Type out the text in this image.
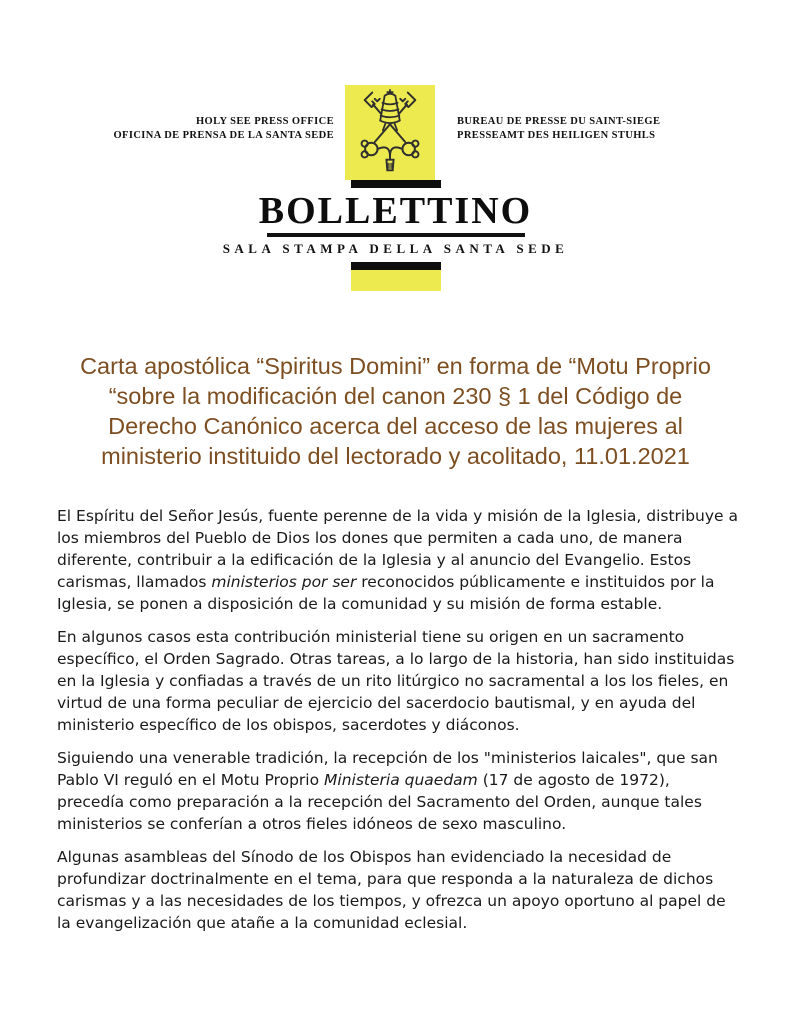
HOLY SEE PRESS OFFICE
OFICINA DE PRENSA DE LA SANTA SEDE
BUREAU DE PRESSE DU SAINT-SIEGE
PRESSEAMT DES HEILIGEN STUHLS
BOLLETTINO
SALA STAMPA DELLA SANTA SEDE
Carta apostólica “Spiritus Domini” en forma de “Motu Proprio
“sobre la modificación del canon 230 § 1 del Código de
Derecho Canónico acerca del acceso de las mujeres al
ministerio instituido del lectorado y acolitado, 11.01.2021

El Espíritu del Señor Jesús, fuente perenne de la vida y misión de la Iglesia, distribuye a los miembros del Pueblo de Dios los dones que permiten a cada uno, de manera diferente, contribuir a la edificación de la Iglesia y al anuncio del Evangelio. Estos carismas, llamados ministerios por ser reconocidos públicamente e instituidos por la Iglesia, se ponen a disposición de la comunidad y su misión de forma estable.

En algunos casos esta contribución ministerial tiene su origen en un sacramento específico, el Orden Sagrado. Otras tareas, a lo largo de la historia, han sido instituidas en la Iglesia y confiadas a través de un rito litúrgico no sacramental a los los fieles, en virtud de una forma peculiar de ejercicio del sacerdocio bautismal, y en ayuda del ministerio específico de los obispos, sacerdotes y diáconos.

Siguiendo una venerable tradición, la recepción de los "ministerios laicales", que san Pablo VI reguló en el Motu Proprio Ministeria quaedam (17 de agosto de 1972), precedía como preparación a la recepción del Sacramento del Orden, aunque tales ministerios se conferían a otros fieles idóneos de sexo masculino.

Algunas asambleas del Sínodo de los Obispos han evidenciado la necesidad de profundizar doctrinalmente en el tema, para que responda a la naturaleza de dichos carismas y a las necesidades de los tiempos, y ofrezca un apoyo oportuno al papel de la evangelización que atañe a la comunidad eclesial.
